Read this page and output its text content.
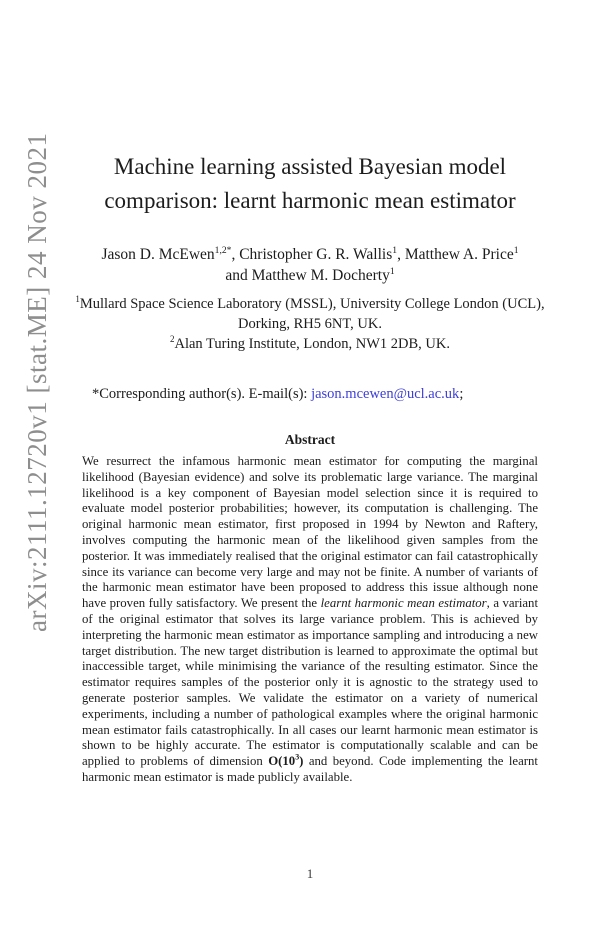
arXiv:2111.12720v1 [stat.ME] 24 Nov 2021	Machine learning assisted Bayesian model
comparison: learnt harmonic mean estimator
Jason D. McEwen$^{1,2*}$, Christopher G. R. Wallis$^1$, Matthew A. Price$^1$
and Matthew M. Docherty$^1$
$^1$Mullard Space Science Laboratory (MSSL), University College London (UCL), Dorking, RH5 6NT, UK.
$^2$Alan Turing Institute, London, NW1 2DB, UK.
*Corresponding author(s). E-mail(s): jason.mcewen@ucl.ac.uk;
Abstract
We resurrect the infamous harmonic mean estimator for computing the marginal likelihood (Bayesian evidence) and solve its problematic large variance. The marginal likelihood is a key component of Bayesian model selection since it is required to evaluate model posterior probabilities; however, its computation is challenging. The original harmonic mean estimator, first proposed in 1994 by Newton and Raftery, involves computing the harmonic mean of the likelihood given samples from the posterior. It was immediately realised that the original estimator can fail catastrophically since its variance can become very large and may not be finite. A number of variants of the harmonic mean estimator have been proposed to address this issue although none have proven fully satisfactory. We present the learnt harmonic mean estimator, a variant of the original estimator that solves its large variance problem. This is achieved by interpreting the harmonic mean estimator as importance sampling and introducing a new target distribution. The new target distribution is learned to approximate the optimal but inaccessible target, while minimising the variance of the resulting estimator. Since the estimator requires samples of the posterior only it is agnostic to the strategy used to generate posterior samples. We validate the estimator on a variety of numerical experiments, including a number of pathological examples where the original harmonic mean estimator fails catastrophically. In all cases our learnt harmonic mean estimator is shown to be highly accurate. The estimator is computationally scalable and can be applied to problems of dimension $O(10^3)$ and beyond. Code implementing the learnt harmonic mean estimator is made publicly available.
1
